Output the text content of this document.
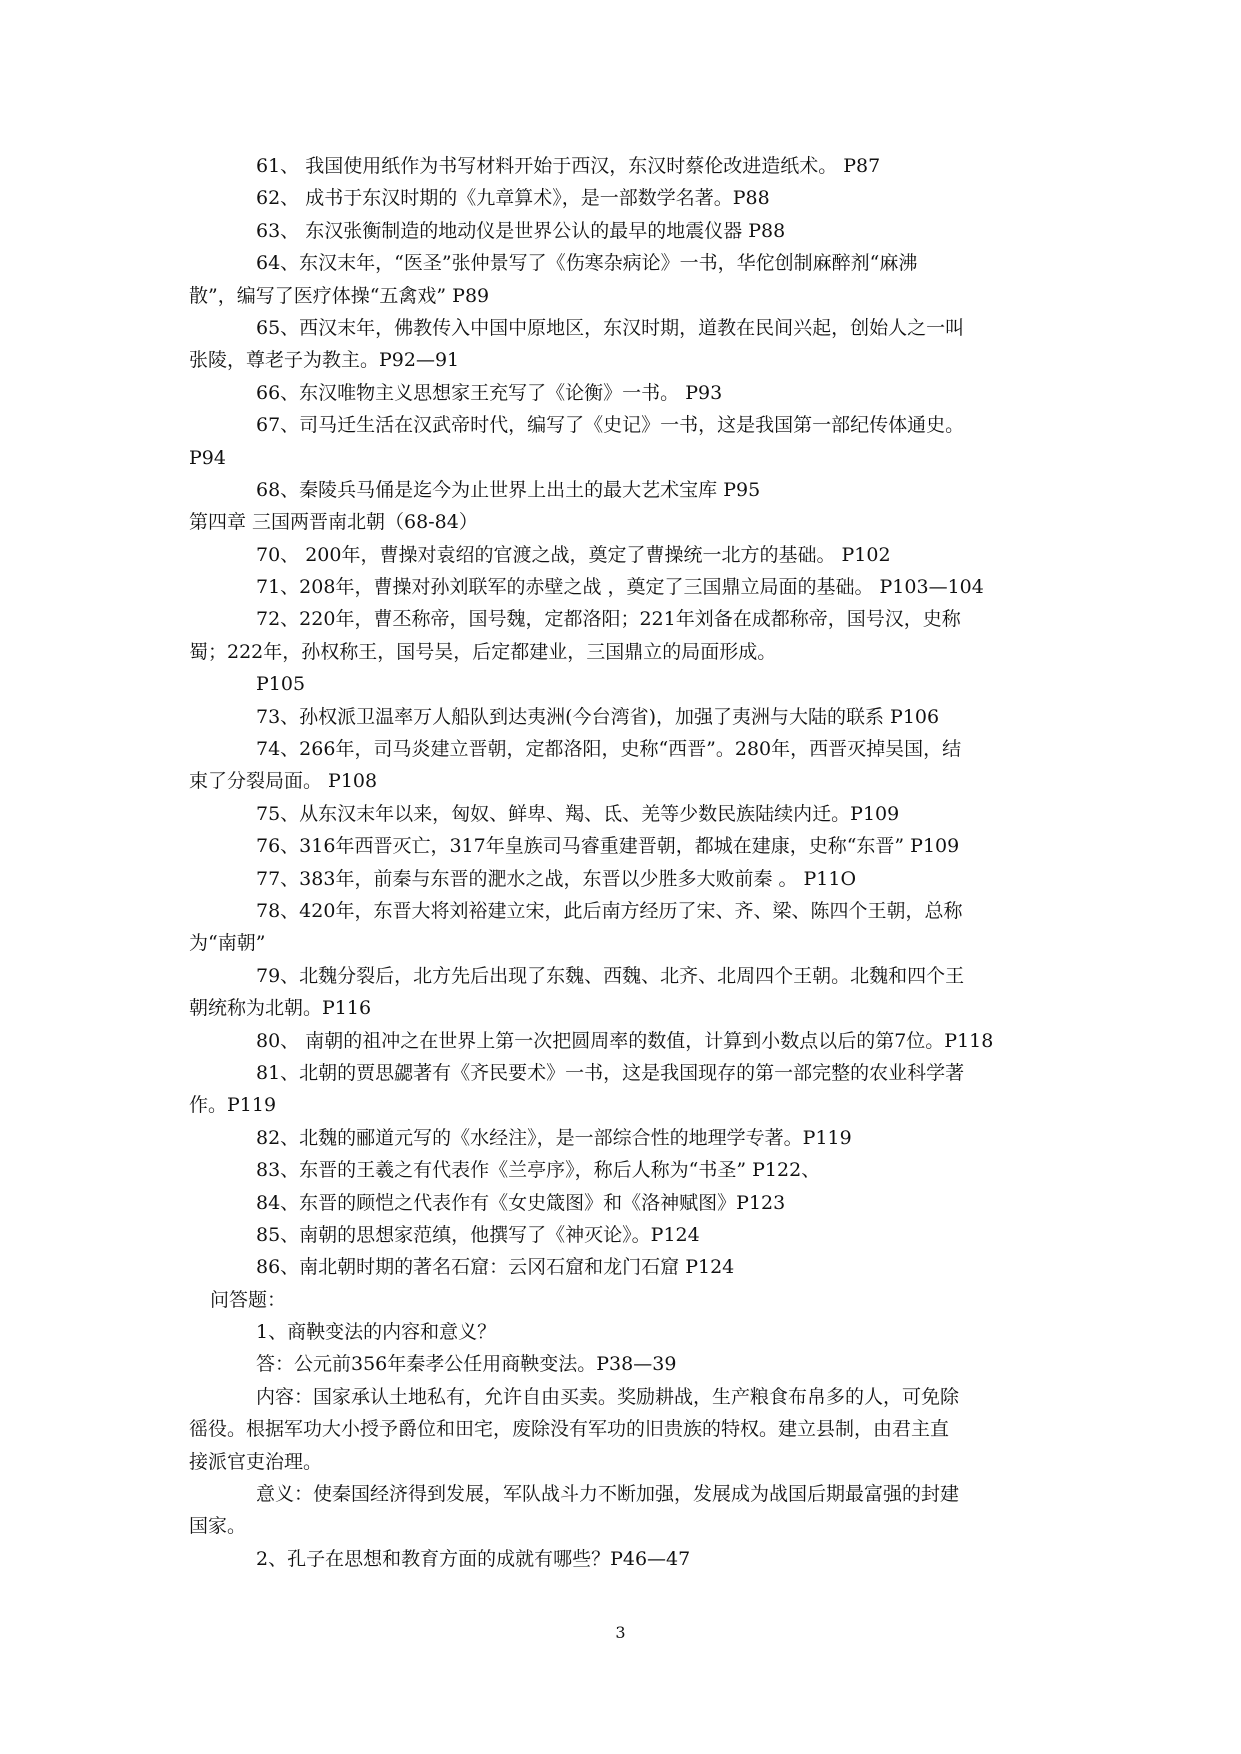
61、 我国使用纸作为书写材料开始于西汉，东汉时蔡伦改进造纸术。 P87
62、 成书于东汉时期的《九章算术》，是一部数学名著。P88
63、 东汉张衡制造的地动仪是世界公认的最早的地震仪器 P88
64、东汉末年，“医圣”张仲景写了《伤寒杂病论》一书，华佗创制麻醉剂“麻沸
散”，编写了医疗体操“五禽戏” P89
65、西汉末年，佛教传入中国中原地区，东汉时期，道教在民间兴起，创始人之一叫
张陵，尊老子为教主。P92—91
66、东汉唯物主义思想家王充写了《论衡》一书。 P93
67、司马迁生活在汉武帝时代，编写了《史记》一书，这是我国第一部纪传体通史。
P94
68、秦陵兵马俑是迄今为止世界上出土的最大艺术宝库 P95
第四章 三国两晋南北朝（68-84）
70、 200年，曹操对袁绍的官渡之战，奠定了曹操统一北方的基础。 P102
71、208年，曹操对孙刘联军的赤壁之战 ，奠定了三国鼎立局面的基础。 P103—104
72、220年，曹丕称帝，国号魏，定都洛阳；221年刘备在成都称帝，国号汉，史称
蜀；222年，孙权称王，国号吴，后定都建业，三国鼎立的局面形成。
P105
73、孙权派卫温率万人船队到达夷洲(今台湾省)，加强了夷洲与大陆的联系 P106
74、266年，司马炎建立晋朝，定都洛阳，史称“西晋”。280年，西晋灭掉吴国，结
束了分裂局面。 P108
75、从东汉末年以来，匈奴、鲜卑、羯、氐、羌等少数民族陆续内迁。P109
76、316年西晋灭亡，317年皇族司马睿重建晋朝，都城在建康，史称“东晋” P109
77、383年，前秦与东晋的淝水之战，东晋以少胜多大败前秦 。 P11O
78、420年，东晋大将刘裕建立宋，此后南方经历了宋、齐、梁、陈四个王朝，总称
为“南朝”
79、北魏分裂后，北方先后出现了东魏、西魏、北齐、北周四个王朝。北魏和四个王
朝统称为北朝。P116
80、 南朝的祖冲之在世界上第一次把圆周率的数值，计算到小数点以后的第7位。P118
81、北朝的贾思勰著有《齐民要术》一书，这是我国现存的第一部完整的农业科学著
作。P119
82、北魏的郦道元写的《水经注》，是一部综合性的地理学专著。P119
83、东晋的王羲之有代表作《兰亭序》，称后人称为“书圣” P122、
84、东晋的顾恺之代表作有《女史箴图》和《洛神赋图》P123
85、南朝的思想家范缜，他撰写了《神灭论》。P124
86、南北朝时期的著名石窟：云冈石窟和龙门石窟 P124
问答题：
1、商鞅变法的内容和意义？
答：公元前356年秦孝公任用商鞅变法。P38—39
内容：国家承认土地私有，允许自由买卖。奖励耕战，生产粮食布帛多的人，可免除
徭役。根据军功大小授予爵位和田宅，废除没有军功的旧贵族的特权。建立县制，由君主直
接派官吏治理。
意义：使秦国经济得到发展，军队战斗力不断加强，发展成为战国后期最富强的封建
国家。
2、孔子在思想和教育方面的成就有哪些？P46—47
3
